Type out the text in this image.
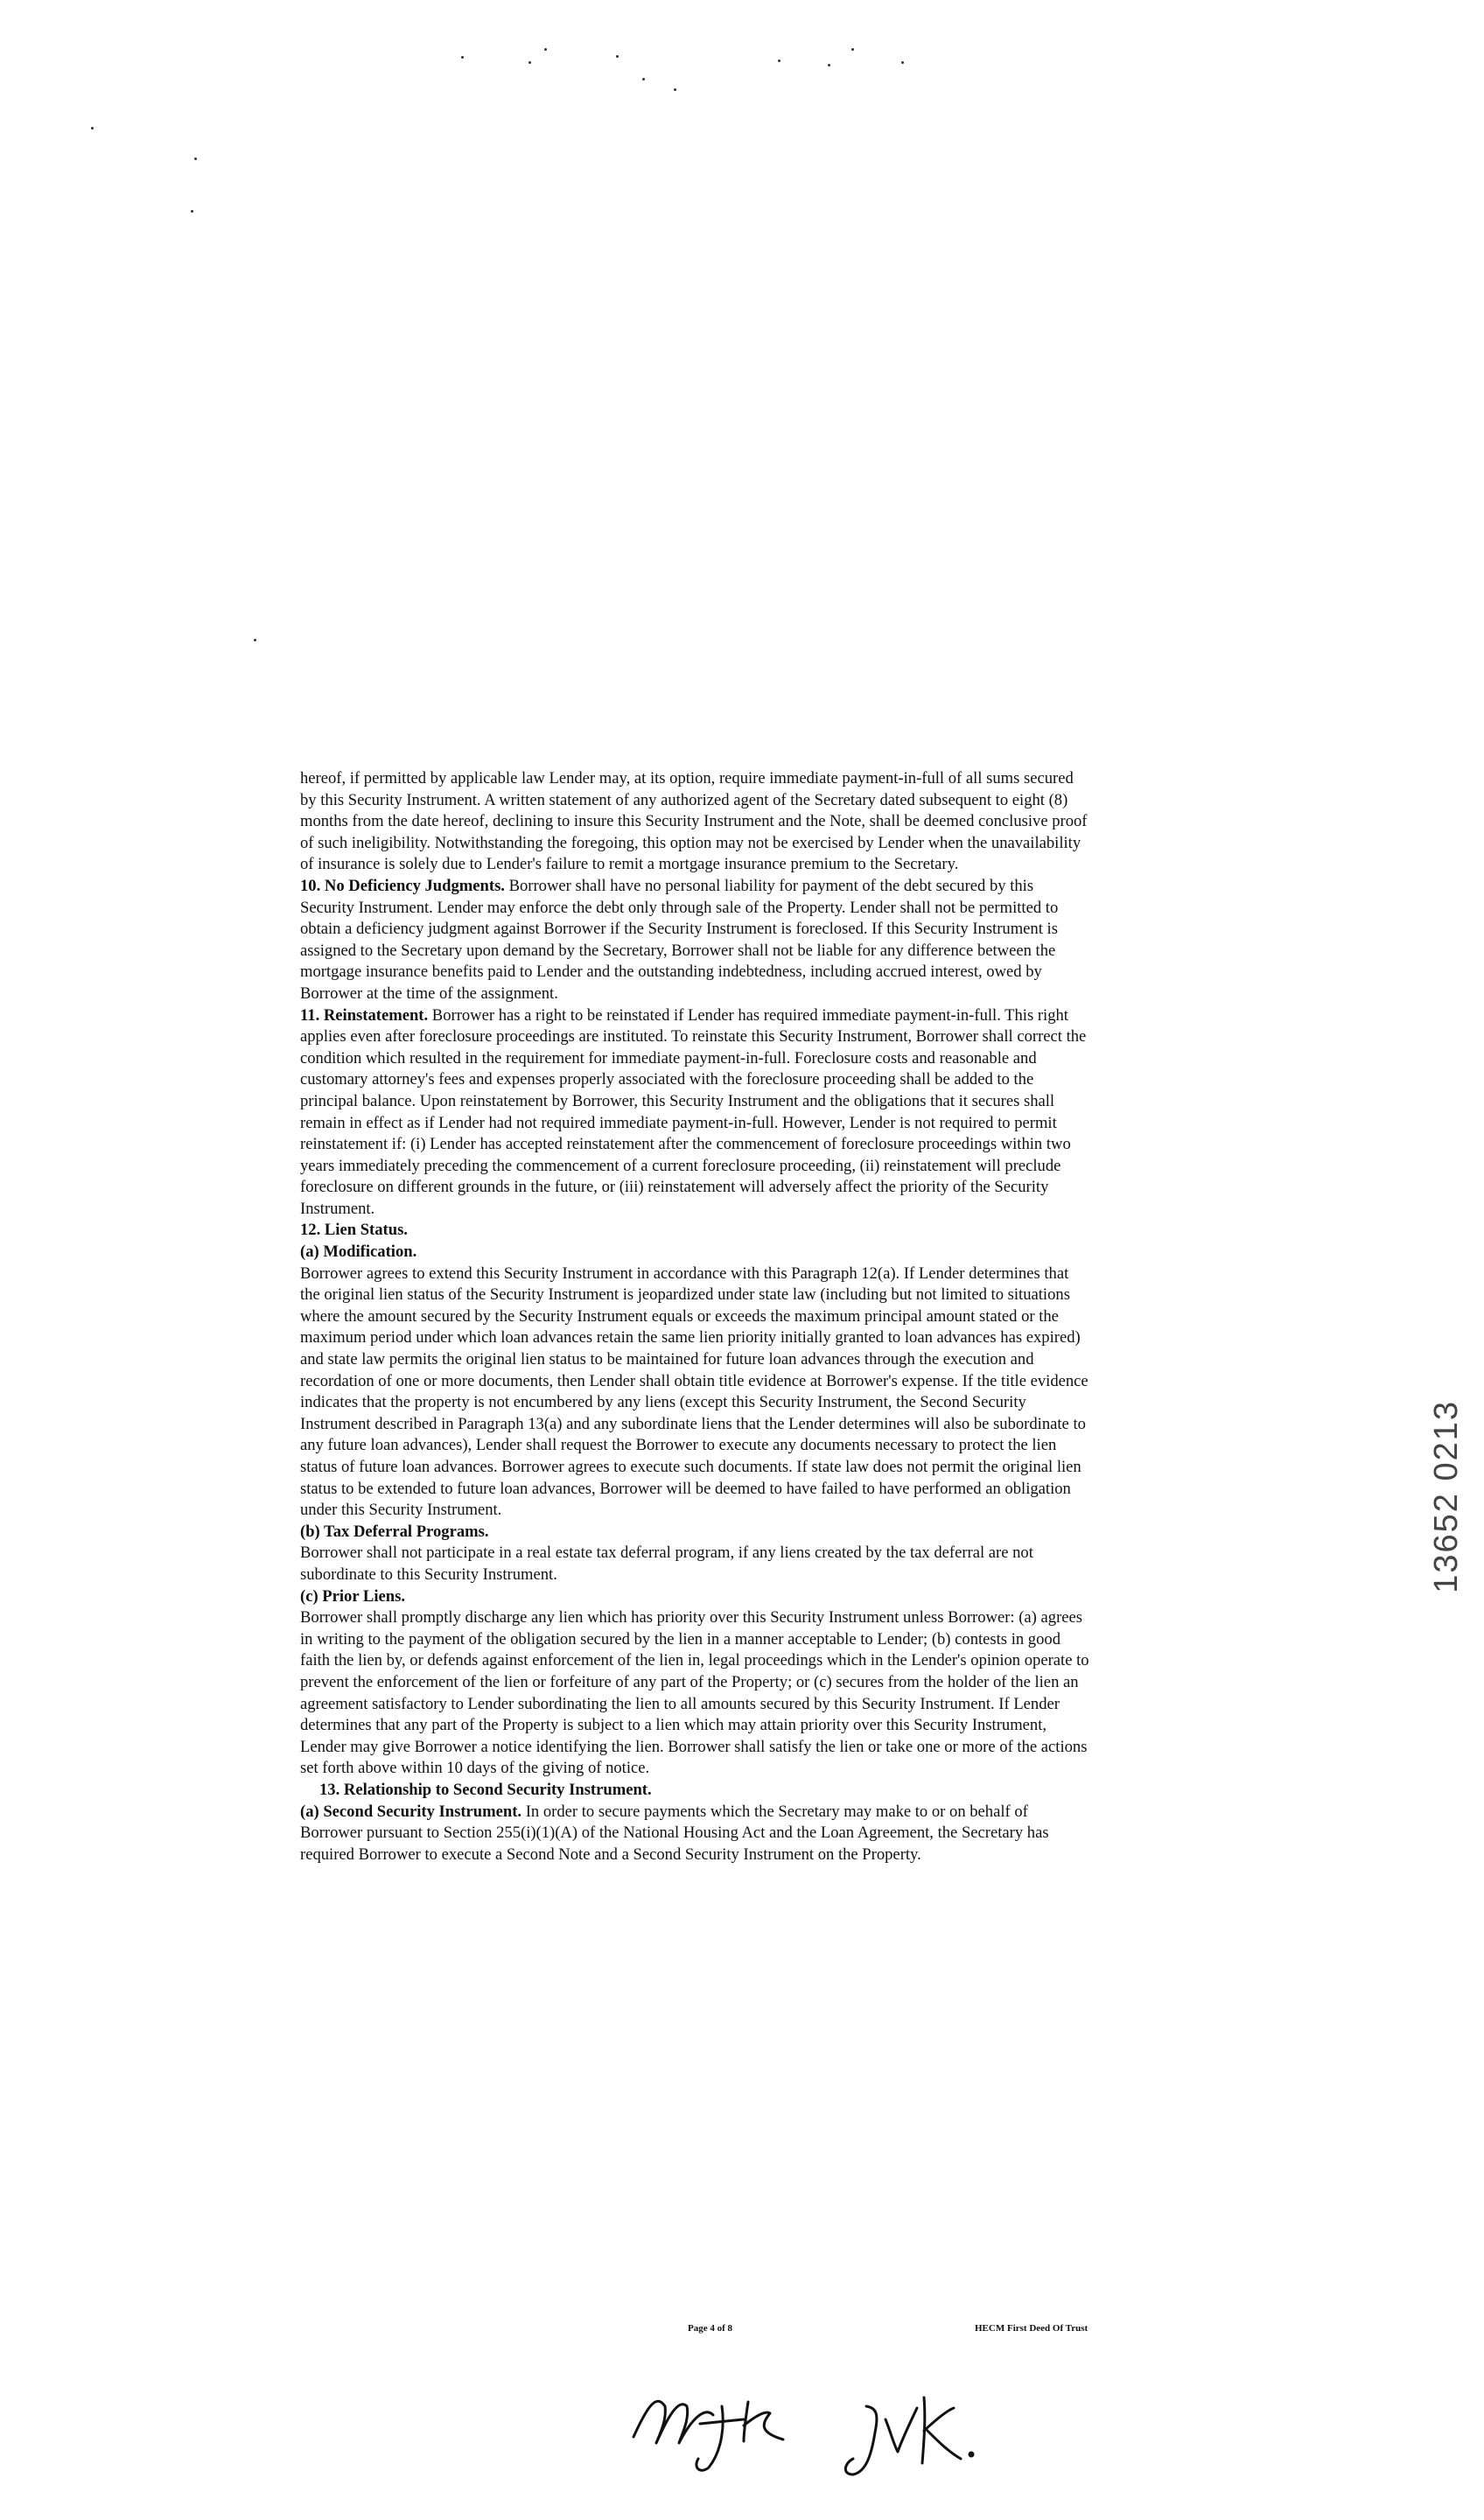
hereof, if permitted by applicable law Lender may, at its option, require immediate payment-in-full of all sums secured by this Security Instrument. A written statement of any authorized agent of the Secretary dated subsequent to eight (8) months from the date hereof, declining to insure this Security Instrument and the Note, shall be deemed conclusive proof of such ineligibility. Notwithstanding the foregoing, this option may not be exercised by Lender when the unavailability of insurance is solely due to Lender's failure to remit a mortgage insurance premium to the Secretary.

10. No Deficiency Judgments. Borrower shall have no personal liability for payment of the debt secured by this Security Instrument. Lender may enforce the debt only through sale of the Property. Lender shall not be permitted to obtain a deficiency judgment against Borrower if the Security Instrument is foreclosed. If this Security Instrument is assigned to the Secretary upon demand by the Secretary, Borrower shall not be liable for any difference between the mortgage insurance benefits paid to Lender and the outstanding indebtedness, including accrued interest, owed by Borrower at the time of the assignment.

11. Reinstatement. Borrower has a right to be reinstated if Lender has required immediate payment-in-full. This right applies even after foreclosure proceedings are instituted. To reinstate this Security Instrument, Borrower shall correct the condition which resulted in the requirement for immediate payment-in-full. Foreclosure costs and reasonable and customary attorney's fees and expenses properly associated with the foreclosure proceeding shall be added to the principal balance. Upon reinstatement by Borrower, this Security Instrument and the obligations that it secures shall remain in effect as if Lender had not required immediate payment-in-full. However, Lender is not required to permit reinstatement if: (i) Lender has accepted reinstatement after the commencement of foreclosure proceedings within two years immediately preceding the commencement of a current foreclosure proceeding, (ii) reinstatement will preclude foreclosure on different grounds in the future, or (iii) reinstatement will adversely affect the priority of the Security Instrument.

12. Lien Status.

(a) Modification.

Borrower agrees to extend this Security Instrument in accordance with this Paragraph 12(a). If Lender determines that the original lien status of the Security Instrument is jeopardized under state law (including but not limited to situations where the amount secured by the Security Instrument equals or exceeds the maximum principal amount stated or the maximum period under which loan advances retain the same lien priority initially granted to loan advances has expired) and state law permits the original lien status to be maintained for future loan advances through the execution and recordation of one or more documents, then Lender shall obtain title evidence at Borrower's expense. If the title evidence indicates that the property is not encumbered by any liens (except this Security Instrument, the Second Security Instrument described in Paragraph 13(a) and any subordinate liens that the Lender determines will also be subordinate to any future loan advances), Lender shall request the Borrower to execute any documents necessary to protect the lien status of future loan advances. Borrower agrees to execute such documents. If state law does not permit the original lien status to be extended to future loan advances, Borrower will be deemed to have failed to have performed an obligation under this Security Instrument.

(b) Tax Deferral Programs.

Borrower shall not participate in a real estate tax deferral program, if any liens created by the tax deferral are not subordinate to this Security Instrument.

(c) Prior Liens.

Borrower shall promptly discharge any lien which has priority over this Security Instrument unless Borrower: (a) agrees in writing to the payment of the obligation secured by the lien in a manner acceptable to Lender; (b) contests in good faith the lien by, or defends against enforcement of the lien in, legal proceedings which in the Lender's opinion operate to prevent the enforcement of the lien or forfeiture of any part of the Property; or (c) secures from the holder of the lien an agreement satisfactory to Lender subordinating the lien to all amounts secured by this Security Instrument. If Lender determines that any part of the Property is subject to a lien which may attain priority over this Security Instrument, Lender may give Borrower a notice identifying the lien. Borrower shall satisfy the lien or take one or more of the actions set forth above within 10 days of the giving of notice.

13. Relationship to Second Security Instrument.

(a) Second Security Instrument. In order to secure payments which the Secretary may make to or on behalf of Borrower pursuant to Section 255(i)(1)(A) of the National Housing Act and the Loan Agreement, the Secretary has required Borrower to execute a Second Note and a Second Security Instrument on the Property.

13652 0213
Page 4 of 8	HECM First Deed Of Trust
